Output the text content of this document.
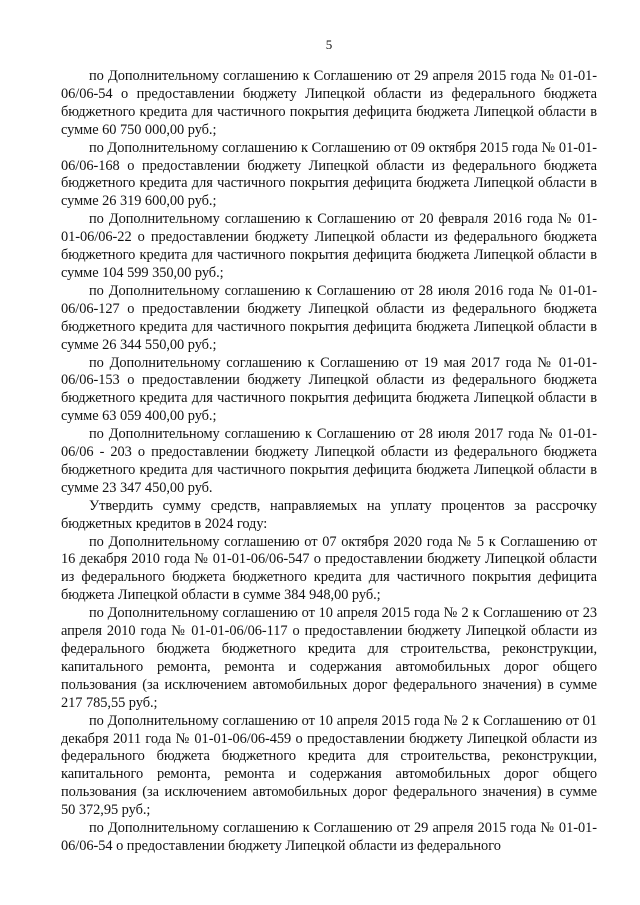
5

по Дополнительному соглашению к Соглашению от 29 апреля 2015 года № 01-01-06/06-54 о предоставлении бюджету Липецкой области из федерального бюджета бюджетного кредита для частичного покрытия дефицита бюджета Липецкой области в сумме 60 750 000,00 руб.;

по Дополнительному соглашению к Соглашению от 09 октября 2015 года № 01-01-06/06-168 о предоставлении бюджету Липецкой области из федерального бюджета бюджетного кредита для частичного покрытия дефицита бюджета Липецкой области в сумме 26 319 600,00 руб.;

по Дополнительному соглашению к Соглашению от 20 февраля 2016 года № 01-01-06/06-22 о предоставлении бюджету Липецкой области из федерального бюджета бюджетного кредита для частичного покрытия дефицита бюджета Липецкой области в сумме 104 599 350,00 руб.;

по Дополнительному соглашению к Соглашению от 28 июля 2016 года № 01-01-06/06-127 о предоставлении бюджету Липецкой области из федерального бюджета бюджетного кредита для частичного покрытия дефицита бюджета Липецкой области в сумме 26 344 550,00 руб.;

по Дополнительному соглашению к Соглашению от 19 мая 2017 года № 01-01-06/06-153 о предоставлении бюджету Липецкой области из федерального бюджета бюджетного кредита для частичного покрытия дефицита бюджета Липецкой области в сумме 63 059 400,00 руб.;

по Дополнительному соглашению к Соглашению от 28 июля 2017 года № 01-01-06/06 - 203 о предоставлении бюджету Липецкой области из федерального бюджета бюджетного кредита для частичного покрытия дефицита бюджета Липецкой области в сумме 23 347 450,00 руб.

Утвердить сумму средств, направляемых на уплату процентов за рассрочку бюджетных кредитов в 2024 году:

по Дополнительному соглашению от 07 октября 2020 года № 5 к Соглашению от 16 декабря 2010 года № 01-01-06/06-547 о предоставлении бюджету Липецкой области из федерального бюджета бюджетного кредита для частичного покрытия дефицита бюджета Липецкой области в сумме 384 948,00 руб.;

по Дополнительному соглашению от 10 апреля 2015 года № 2 к Соглашению от 23 апреля 2010 года № 01-01-06/06-117 о предоставлении бюджету Липецкой области из федерального бюджета бюджетного кредита для строительства, реконструкции, капитального ремонта, ремонта и содержания автомобильных дорог общего пользования (за исключением автомобильных дорог федерального значения) в сумме 217 785,55 руб.;

по Дополнительному соглашению от 10 апреля 2015 года № 2 к Соглашению от 01 декабря 2011 года № 01-01-06/06-459 о предоставлении бюджету Липецкой области из федерального бюджета бюджетного кредита для строительства, реконструкции, капитального ремонта, ремонта и содержания автомобильных дорог общего пользования (за исключением автомобильных дорог федерального значения) в сумме 50 372,95 руб.;

по Дополнительному соглашению к Соглашению от 29 апреля 2015 года № 01-01-06/06-54 о предоставлении бюджету Липецкой области из федерального
